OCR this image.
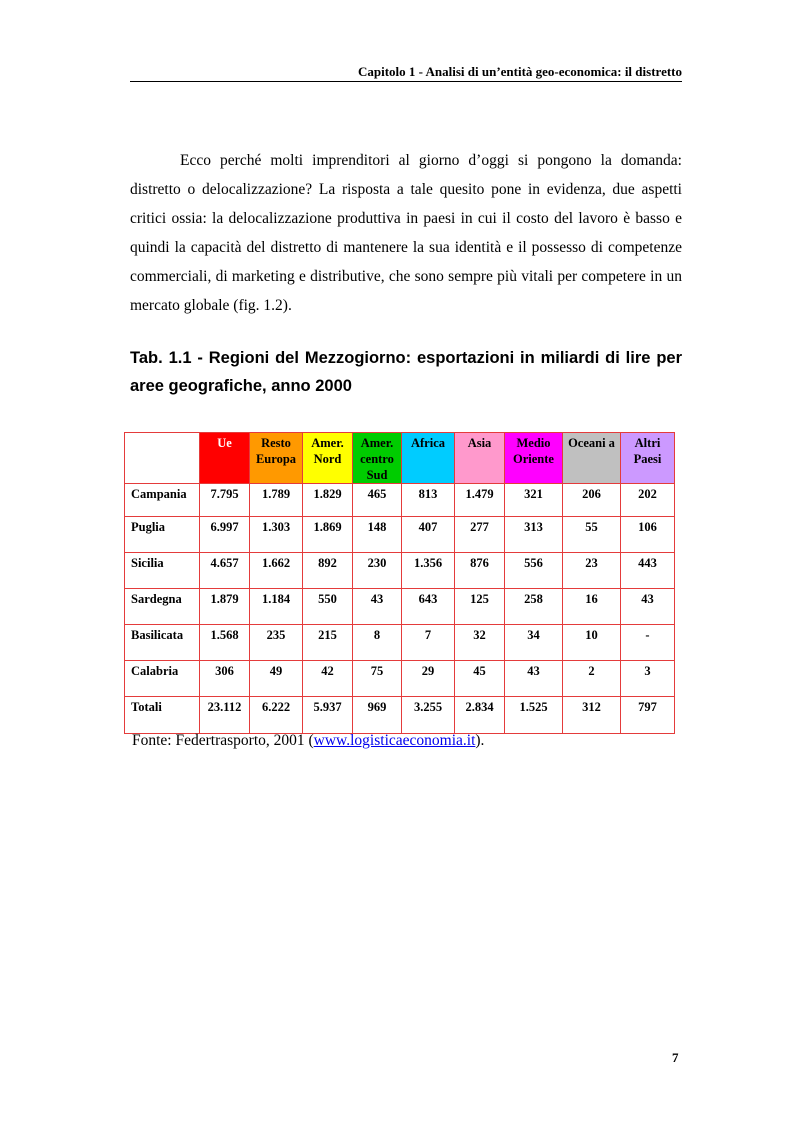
Capitolo 1 - Analisi di un’entità geo-economica: il distretto

Ecco perché molti imprenditori al giorno d’oggi si pongono la domanda: distretto o delocalizzazione? La risposta a tale quesito pone in evidenza, due aspetti critici ossia: la delocalizzazione produttiva in paesi in cui il costo del lavoro è basso e quindi la capacità del distretto di mantenere la sua identità e il possesso di competenze commerciali, di marketing e distributive, che sono sempre più vitali per competere in un mercato globale (fig. 1.2).

Tab. 1.1 - Regioni del Mezzogiorno: esportazioni in miliardi di lire per aree geografiche, anno 2000

	Ue	Resto Europa	Amer. Nord	Amer. centro Sud	Africa	Asia	Medio Oriente	Oceani a	Altri Paesi
Campania	7.795	1.789	1.829	465	813	1.479	321	206	202
Puglia	6.997	1.303	1.869	148	407	277	313	55	106
Sicilia	4.657	1.662	892	230	1.356	876	556	23	443
Sardegna	1.879	1.184	550	43	643	125	258	16	43
Basilicata	1.568	235	215	8	7	32	34	10	-
Calabria	306	49	42	75	29	45	43	2	3
Totali	23.112	6.222	5.937	969	3.255	2.834	1.525	312	797
Fonte: Federtrasporto, 2001 (www.logisticaeconomia.it).
7
